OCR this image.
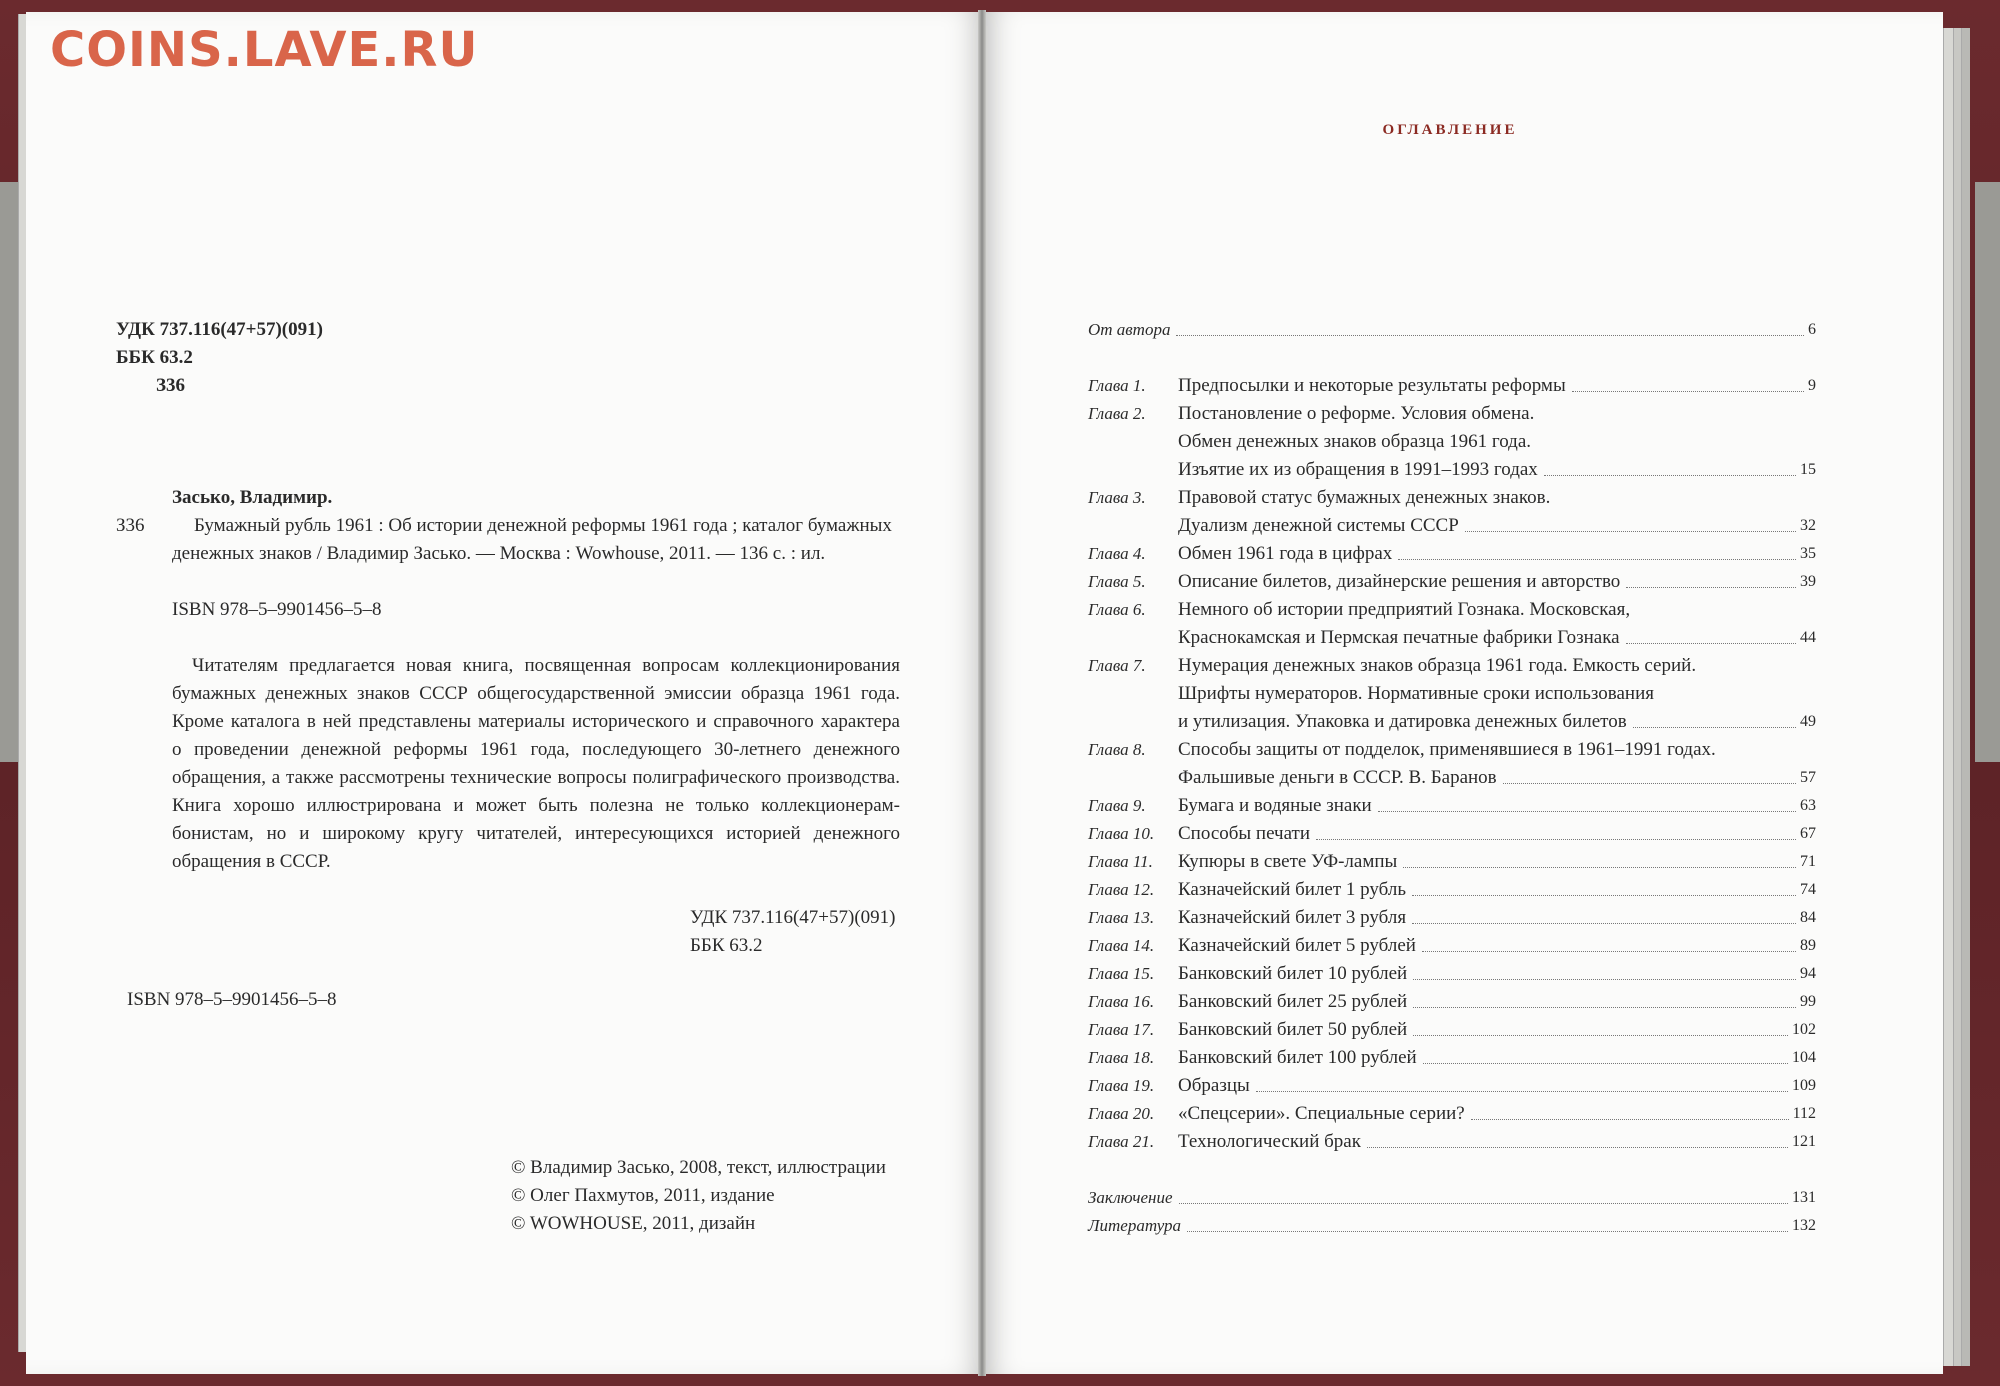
COINS.LAVE.RU
УДК 737.116(47+57)(091)
ББК 63.2
З36
Засько, Владимир.
З36	Бумажный рубль 1961 : Об истории денежной реформы 1961 года ; каталог бумажных
денежных знаков / Владимир Засько. — Москва : Wowhouse, 2011. — 136 с. : ил.
ISBN 978–5–9901456–5–8
Читателям предлагается новая книга, посвященная вопросам коллекционирования
бумажных денежных знаков СССР общегосударственной эмиссии образца 1961 года.
Кроме каталога в ней представлены материалы исторического и справочного характера
о проведении денежной реформы 1961 года, последующего 30-летнего денежного
обращения, а также рассмотрены технические вопросы полиграфического производства.
Книга хорошо иллюстрирована и может быть полезна не только коллекционерам-
бонистам, но и широкому кругу читателей, интересующихся историей денежного
обращения в СССР.
УДК 737.116(47+57)(091)
ББК 63.2
ISBN 978–5–9901456–5–8
© Владимир Засько, 2008, текст, иллюстрации
© Олег Пахмутов, 2011, издание
© WOWHOUSE, 2011, дизайн
ОГЛАВЛЕНИЕ
От автора	6
Глава 1. Предпосылки и некоторые результаты реформы	9
Глава 2. Постановление о реформе. Условия обмена.
Обмен денежных знаков образца 1961 года.
Изъятие их из обращения в 1991–1993 годах	15
Глава 3. Правовой статус бумажных денежных знаков.
Дуализм денежной системы СССР	32
Глава 4. Обмен 1961 года в цифрах	35
Глава 5. Описание билетов, дизайнерские решения и авторство	39
Глава 6. Немного об истории предприятий Гознака. Московская,
Краснокамская и Пермская печатные фабрики Гознака	44
Глава 7. Нумерация денежных знаков образца 1961 года. Емкость серий.
Шрифты нумераторов. Нормативные сроки использования
и утилизация. Упаковка и датировка денежных билетов	49
Глава 8. Способы защиты от подделок, применявшиеся в 1961–1991 годах.
Фальшивые деньги в СССР. В. Баранов	57
Глава 9. Бумага и водяные знаки	63
Глава 10. Способы печати	67
Глава 11. Купюры в свете УФ-лампы	71
Глава 12. Казначейский билет 1 рубль	74
Глава 13. Казначейский билет 3 рубля	84
Глава 14. Казначейский билет 5 рублей	89
Глава 15. Банковский билет 10 рублей	94
Глава 16. Банковский билет 25 рублей	99
Глава 17. Банковский билет 50 рублей	102
Глава 18. Банковский билет 100 рублей	104
Глава 19. Образцы	109
Глава 20. «Спецсерии». Специальные серии?	112
Глава 21. Технологический брак	121
Заключение	131
Литература	132
